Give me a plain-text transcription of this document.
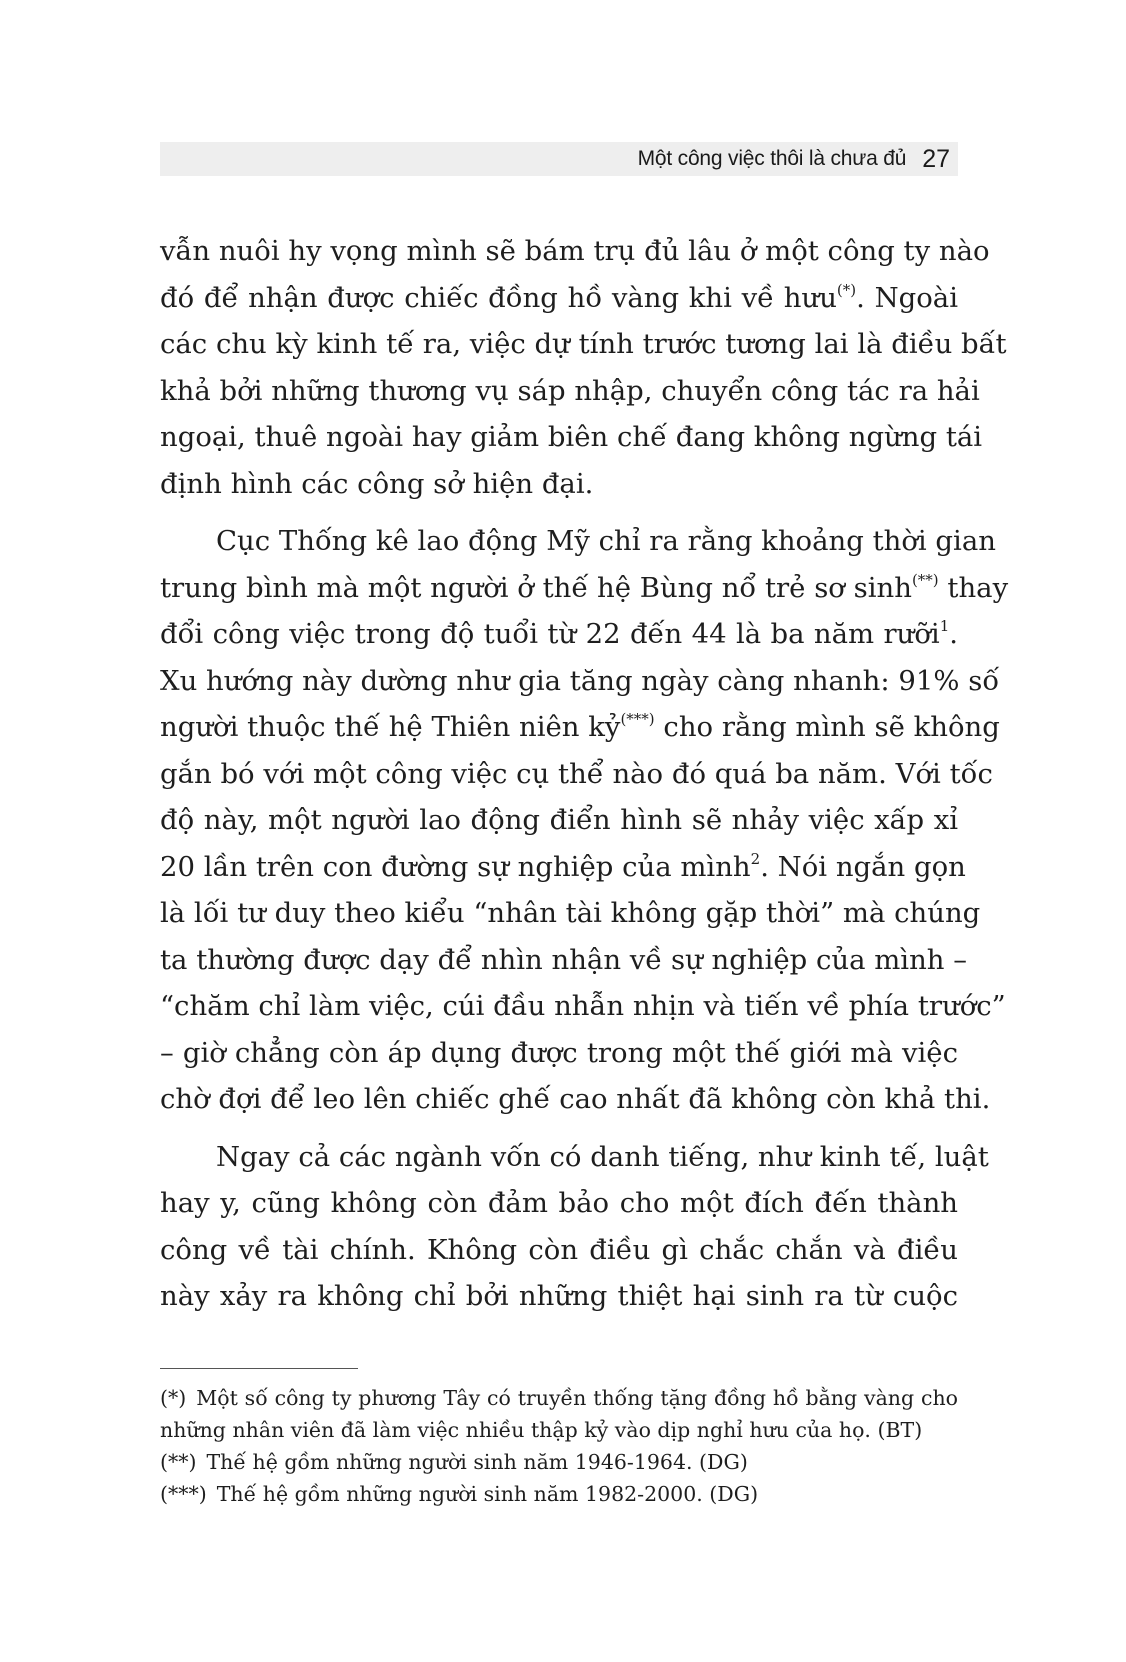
Một công việc thôi là chưa đủ 27
vẫn nuôi hy vọng mình sẽ bám trụ đủ lâu ở một công ty nào
đó để nhận được chiếc đồng hồ vàng khi về hưu(*). Ngoài
các chu kỳ kinh tế ra, việc dự tính trước tương lai là điều bất
khả bởi những thương vụ sáp nhập, chuyển công tác ra hải
ngoại, thuê ngoài hay giảm biên chế đang không ngừng tái
định hình các công sở hiện đại.
Cục Thống kê lao động Mỹ chỉ ra rằng khoảng thời gian
trung bình mà một người ở thế hệ Bùng nổ trẻ sơ sinh(**) thay
đổi công việc trong độ tuổi từ 22 đến 44 là ba năm rưỡi$^1$.
Xu hướng này dường như gia tăng ngày càng nhanh: 91% số
người thuộc thế hệ Thiên niên kỷ(***) cho rằng mình sẽ không
gắn bó với một công việc cụ thể nào đó quá ba năm. Với tốc
độ này, một người lao động điển hình sẽ nhảy việc xấp xỉ
20 lần trên con đường sự nghiệp của mình$^2$. Nói ngắn gọn
là lối tư duy theo kiểu “nhân tài không gặp thời” mà chúng
ta thường được dạy để nhìn nhận về sự nghiệp của mình –
“chăm chỉ làm việc, cúi đầu nhẫn nhịn và tiến về phía trước”
– giờ chẳng còn áp dụng được trong một thế giới mà việc
chờ đợi để leo lên chiếc ghế cao nhất đã không còn khả thi.
Ngay cả các ngành vốn có danh tiếng, như kinh tế, luật
hay y, cũng không còn đảm bảo cho một đích đến thành
công về tài chính. Không còn điều gì chắc chắn và điều
này xảy ra không chỉ bởi những thiệt hại sinh ra từ cuộc
(*) Một số công ty phương Tây có truyền thống tặng đồng hồ bằng vàng cho
những nhân viên đã làm việc nhiều thập kỷ vào dịp nghỉ hưu của họ. (BT)
(**) Thế hệ gồm những người sinh năm 1946-1964. (DG)
(***) Thế hệ gồm những người sinh năm 1982-2000. (DG)
